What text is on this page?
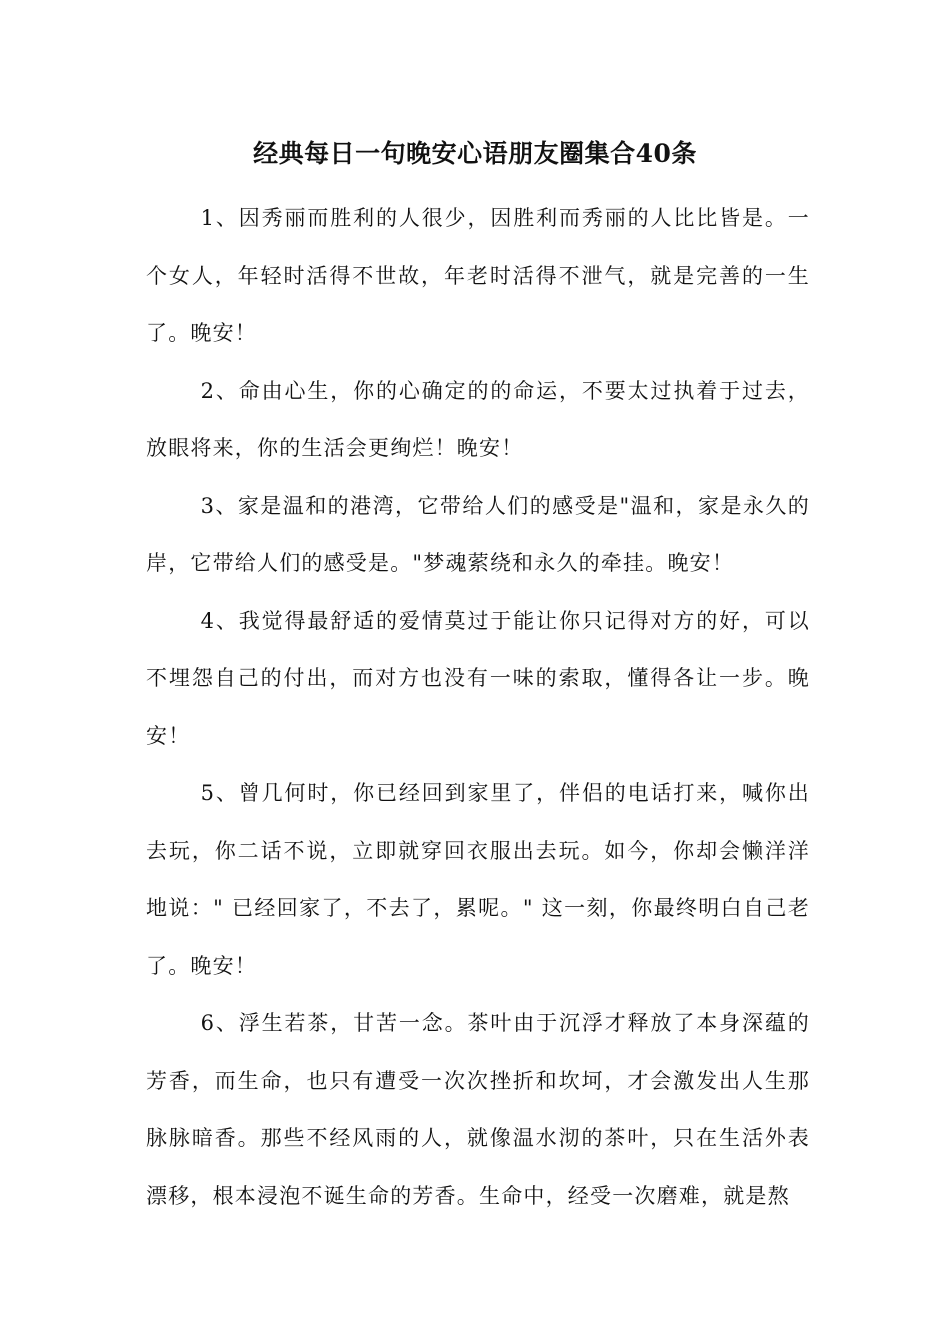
经典每日一句晚安心语朋友圈集合40条

1、因秀丽而胜利的人很少，因胜利而秀丽的人比比皆是。一个女人，年轻时活得不世故，年老时活得不泄气，就是完善的一生了。晚安！

2、命由心生，你的心确定的的命运，不要太过执着于过去，放眼将来，你的生活会更绚烂！晚安！

3、家是温和的港湾，它带给人们的感受是"温和，家是永久的岸，它带给人们的感受是。"梦魂萦绕和永久的牵挂。晚安！

4、我觉得最舒适的爱情莫过于能让你只记得对方的好，可以不埋怨自己的付出，而对方也没有一味的索取，懂得各让一步。晚安！

5、曾几何时，你已经回到家里了，伴侣的电话打来，喊你出去玩，你二话不说，立即就穿回衣服出去玩。如今，你却会懒洋洋地说：" 已经回家了，不去了，累呢。" 这一刻，你最终明白自己老了。晚安！

6、浮生若茶，甘苦一念。茶叶由于沉浮才释放了本身深蕴的芳香，而生命，也只有遭受一次次挫折和坎坷，才会激发出人生那脉脉暗香。那些不经风雨的人，就像温水沏的茶叶，只在生活外表漂移，根本浸泡不诞生命的芳香。生命中，经受一次磨难，就是熬
